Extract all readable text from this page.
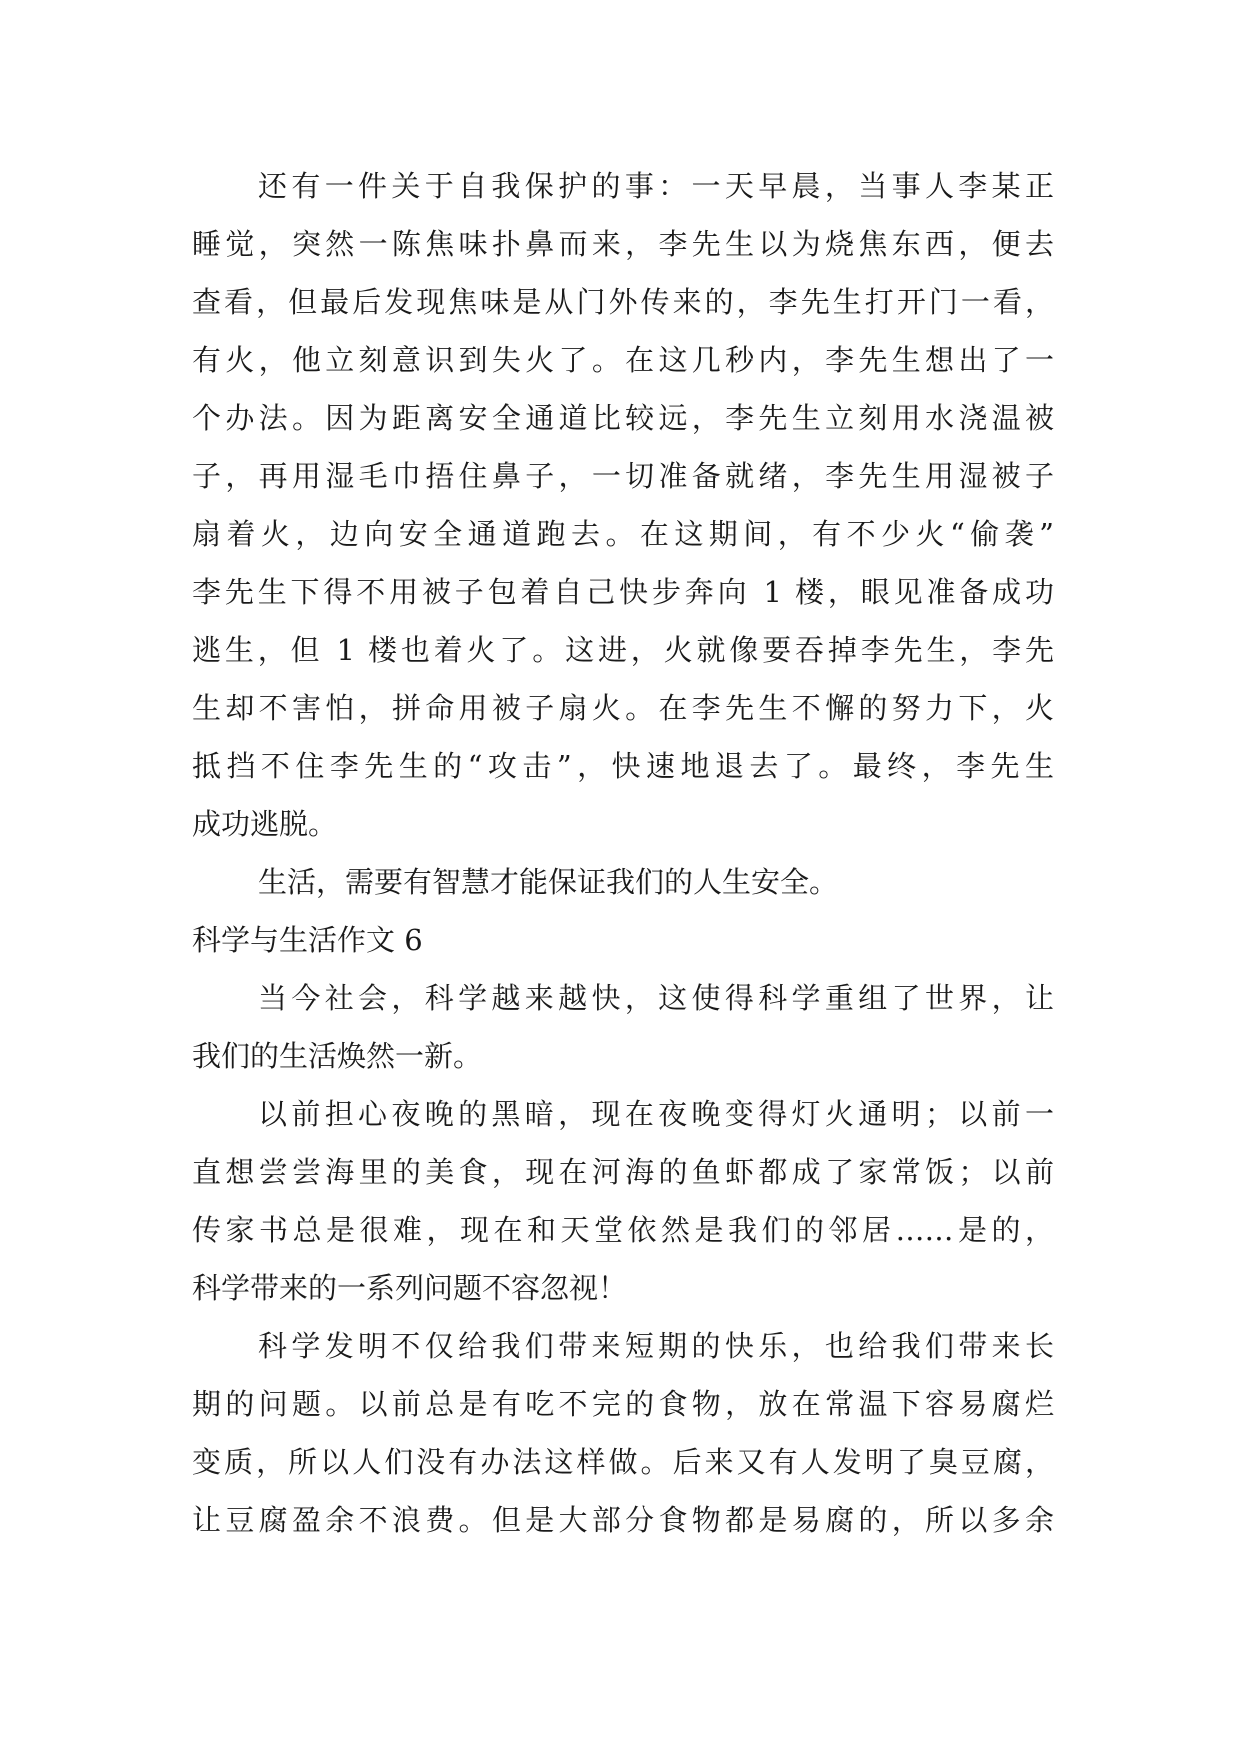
还有一件关于自我保护的事：一天早晨，当事人李某正
睡觉，突然一陈焦味扑鼻而来，李先生以为烧焦东西，便去
查看，但最后发现焦味是从门外传来的，李先生打开门一看，
有火，他立刻意识到失火了。在这几秒内，李先生想出了一
个办法。因为距离安全通道比较远，李先生立刻用水浇温被
子，再用湿毛巾捂住鼻子，一切准备就绪，李先生用湿被子
扇着火，边向安全通道跑去。在这期间，有不少火“偷袭”
李先生下得不用被子包着自己快步奔向 1 楼，眼见准备成功
逃生，但 1 楼也着火了。这进，火就像要吞掉李先生，李先
生却不害怕，拼命用被子扇火。在李先生不懈的努力下，火
抵挡不住李先生的“攻击”，快速地退去了。最终，李先生
成功逃脱。
生活，需要有智慧才能保证我们的人生安全。
科学与生活作文 6
当今社会，科学越来越快，这使得科学重组了世界，让
我们的生活焕然一新。
以前担心夜晚的黑暗，现在夜晚变得灯火通明；以前一
直想尝尝海里的美食，现在河海的鱼虾都成了家常饭；以前
传家书总是很难，现在和天堂依然是我们的邻居……是的，
科学带来的一系列问题不容忽视！
科学发明不仅给我们带来短期的快乐，也给我们带来长
期的问题。以前总是有吃不完的食物，放在常温下容易腐烂
变质，所以人们没有办法这样做。后来又有人发明了臭豆腐，
让豆腐盈余不浪费。但是大部分食物都是易腐的，所以多余
